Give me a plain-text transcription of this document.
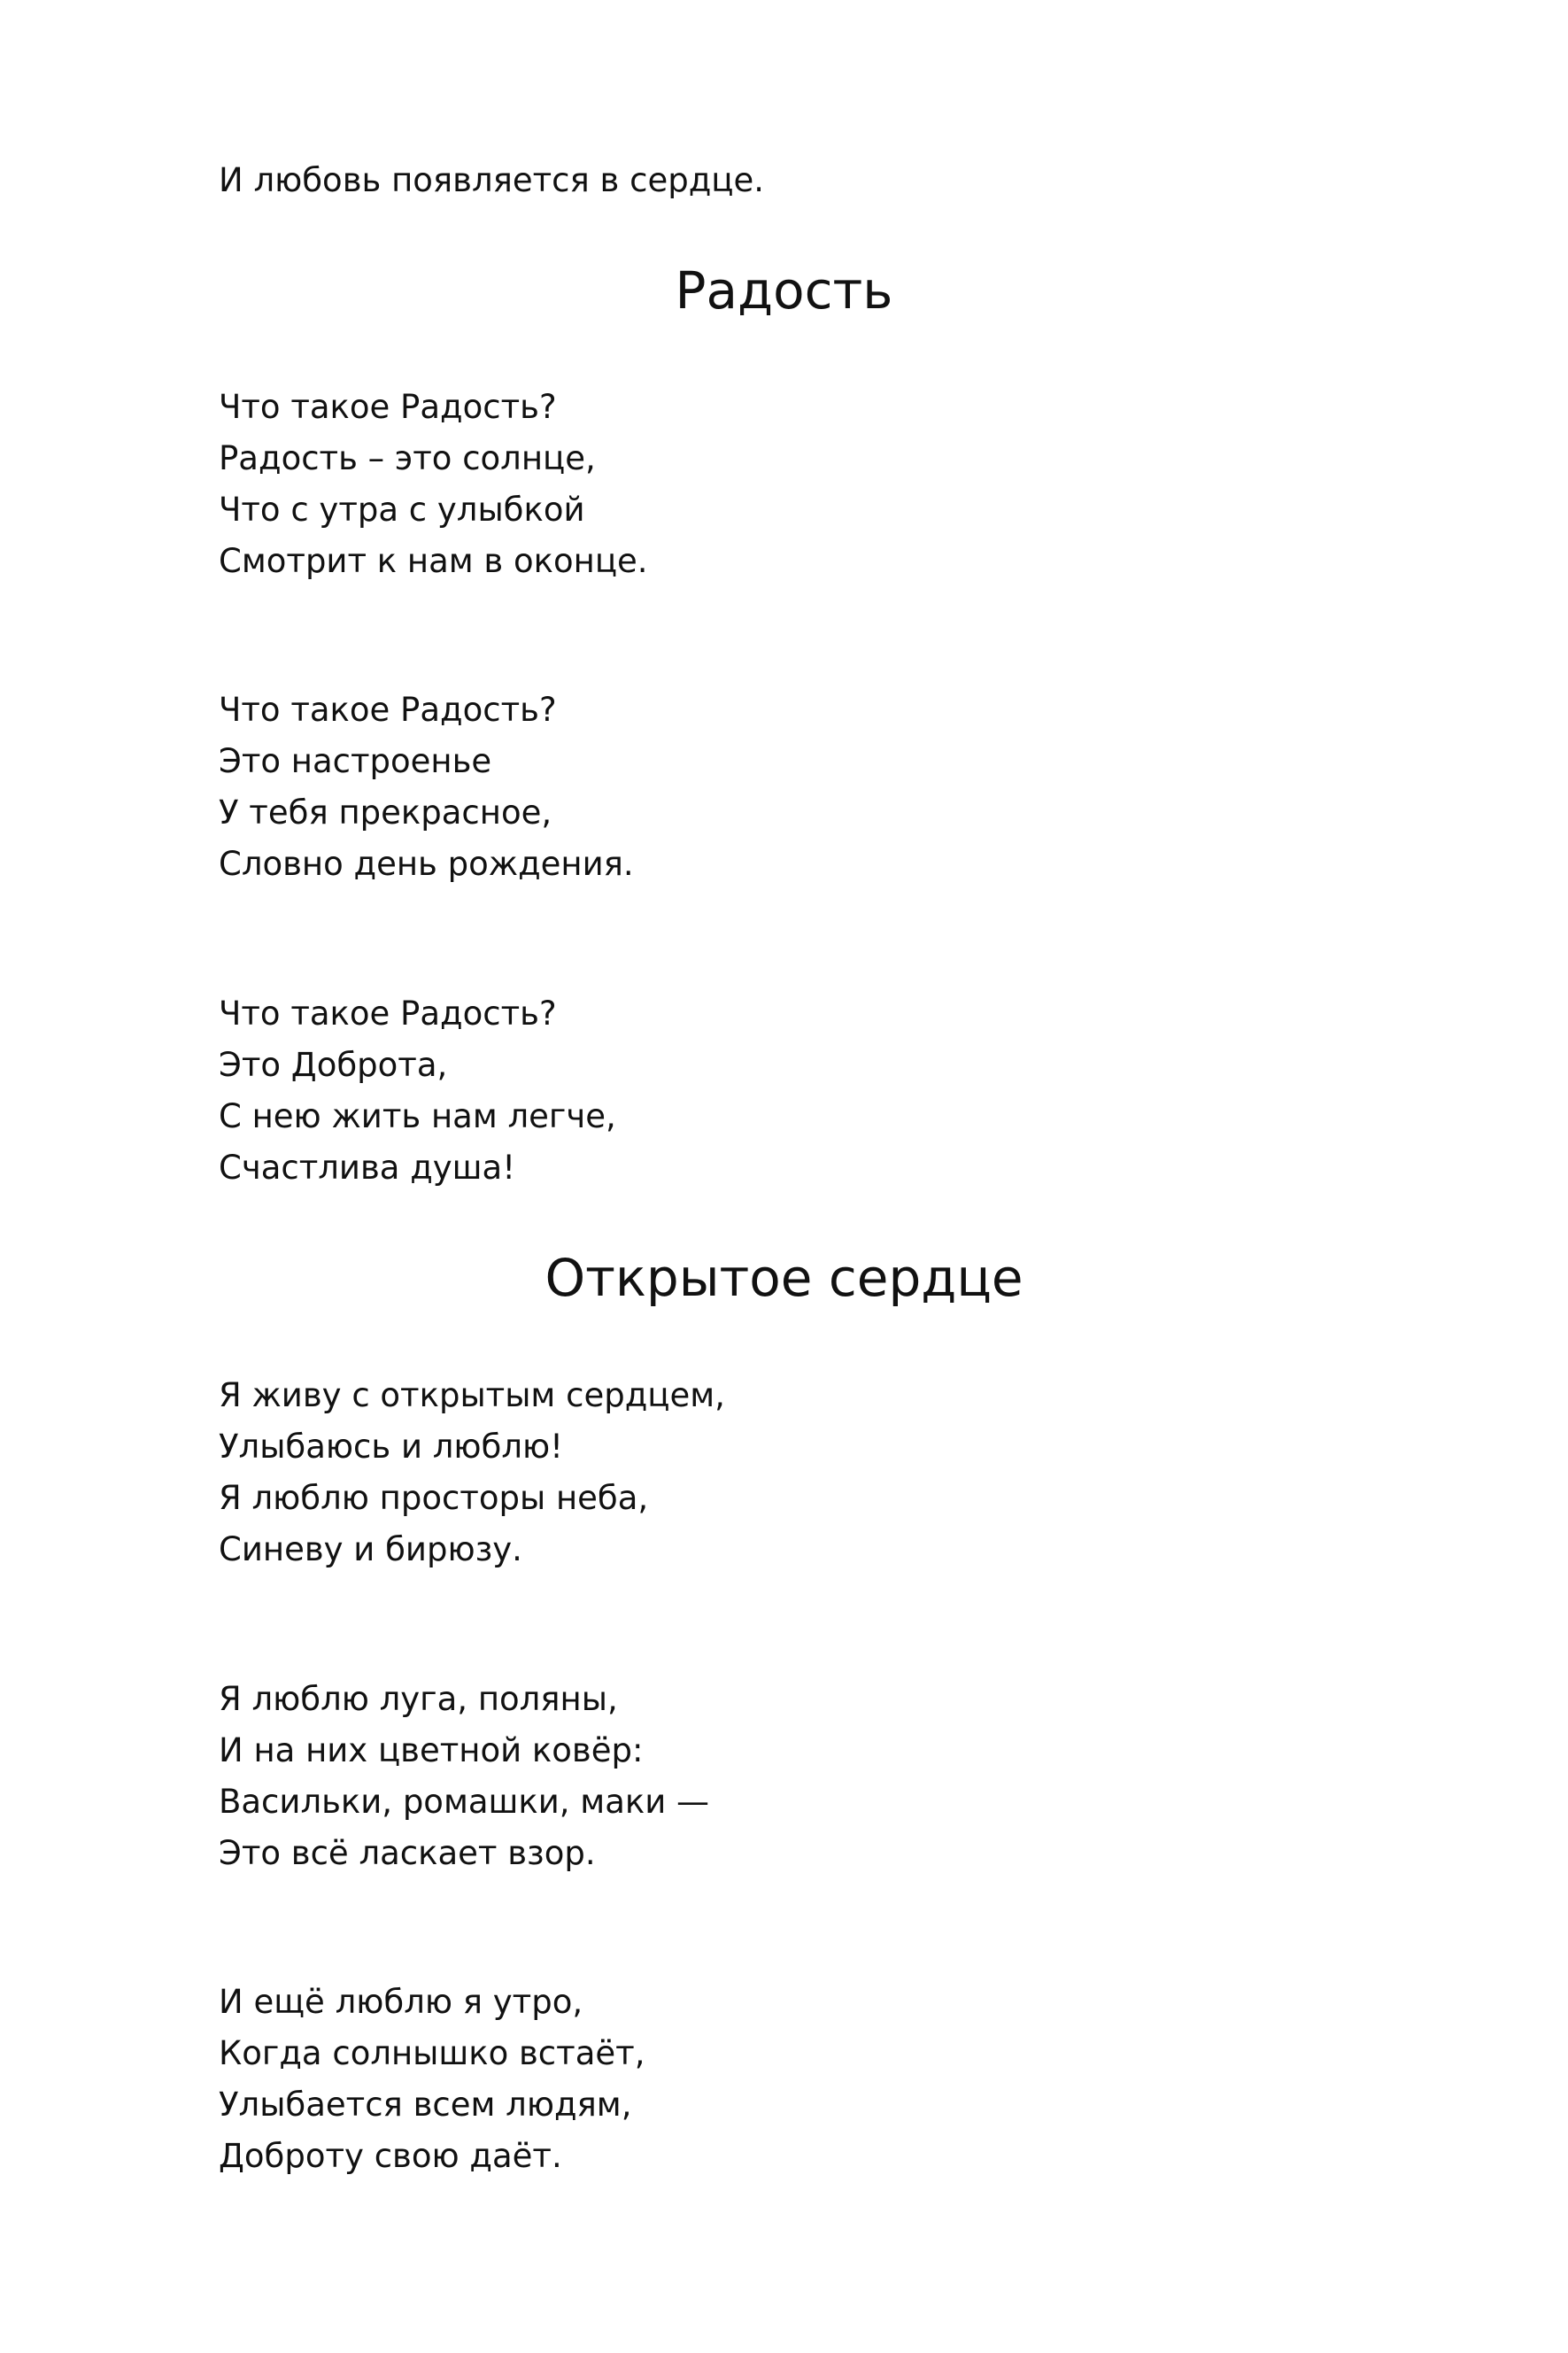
И любовь появляется в сердце.
Радость
Что такое Радость?
Радость – это солнце,
Что с утра с улыбкой
Смотрит к нам в оконце.
Что такое Радость?
Это настроенье
У тебя прекрасное,
Словно день рождения.
Что такое Радость?
Это Доброта,
С нею жить нам легче,
Счастлива душа!
Открытое сердце
Я живу с открытым сердцем,
Улыбаюсь и люблю!
Я люблю просторы неба,
Синеву и бирюзу.
Я люблю луга, поляны,
И на них цветной ковёр:
Васильки, ромашки, маки —
Это всё ласкает взор.
И ещё люблю я утро,
Когда солнышко встаёт,
Улыбается всем людям,
Доброту свою даёт.
